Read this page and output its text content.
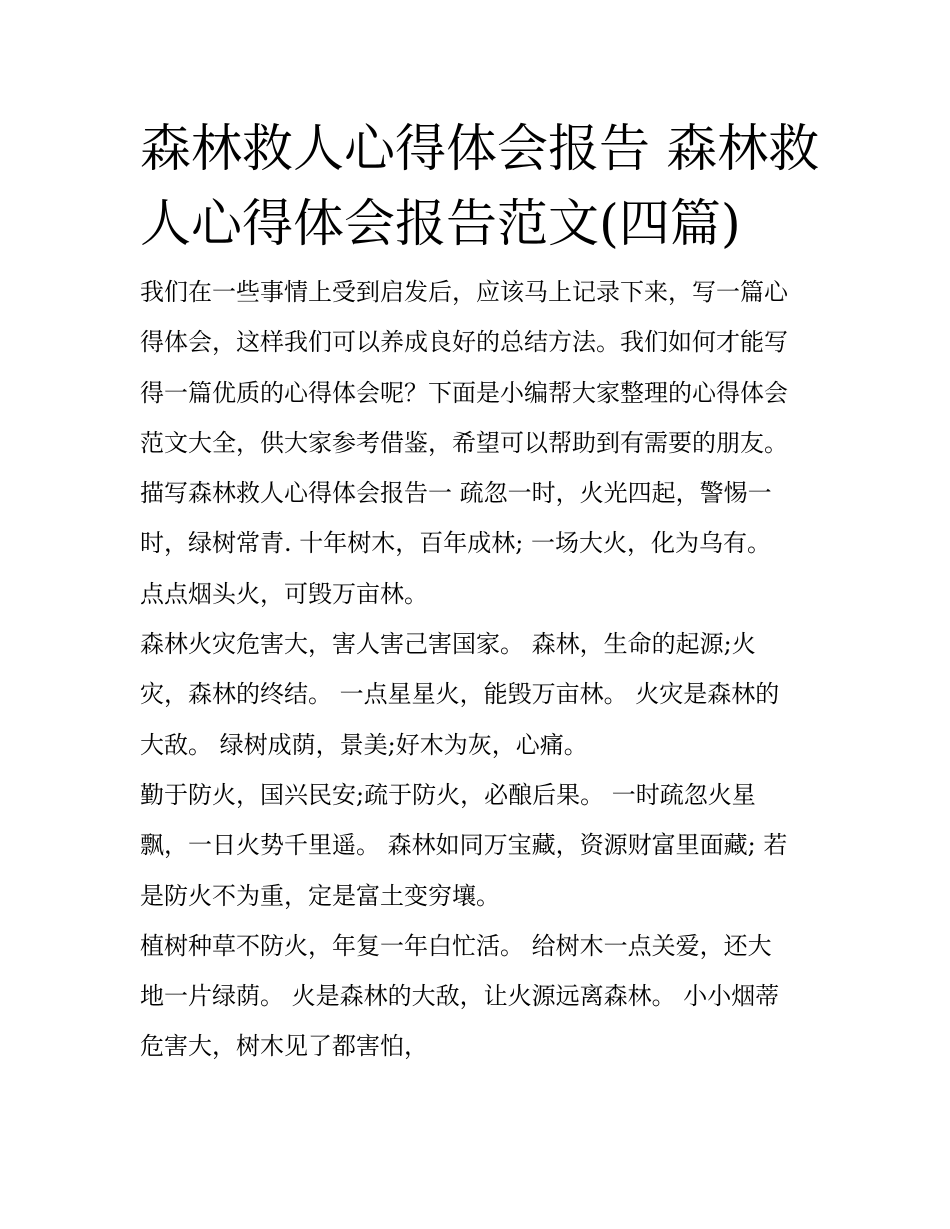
森林救人心得体会报告 森林救人心得体会报告范文(四篇)
我们在一些事情上受到启发后，应该马上记录下来，写一篇心
得体会，这样我们可以养成良好的总结方法。我们如何才能写
得一篇优质的心得体会呢？下面是小编帮大家整理的心得体会
范文大全，供大家参考借鉴，希望可以帮助到有需要的朋友。
描写森林救人心得体会报告一 疏忽一时，火光四起，警惕一
时，绿树常青. 十年树木，百年成林; 一场大火，化为乌有。
点点烟头火，可毁万亩林。
森林火灾危害大，害人害己害国家。 森林，生命的起源;火
灾，森林的终结。 一点星星火，能毁万亩林。 火灾是森林的
大敌。 绿树成荫，景美;好木为灰，心痛。
勤于防火，国兴民安;疏于防火，必酿后果。 一时疏忽火星
飘，一日火势千里遥。 森林如同万宝藏，资源财富里面藏; 若
是防火不为重，定是富土变穷壤。
植树种草不防火，年复一年白忙活。 给树木一点关爱，还大
地一片绿荫。 火是森林的大敌，让火源远离森林。 小小烟蒂
危害大，树木见了都害怕，
